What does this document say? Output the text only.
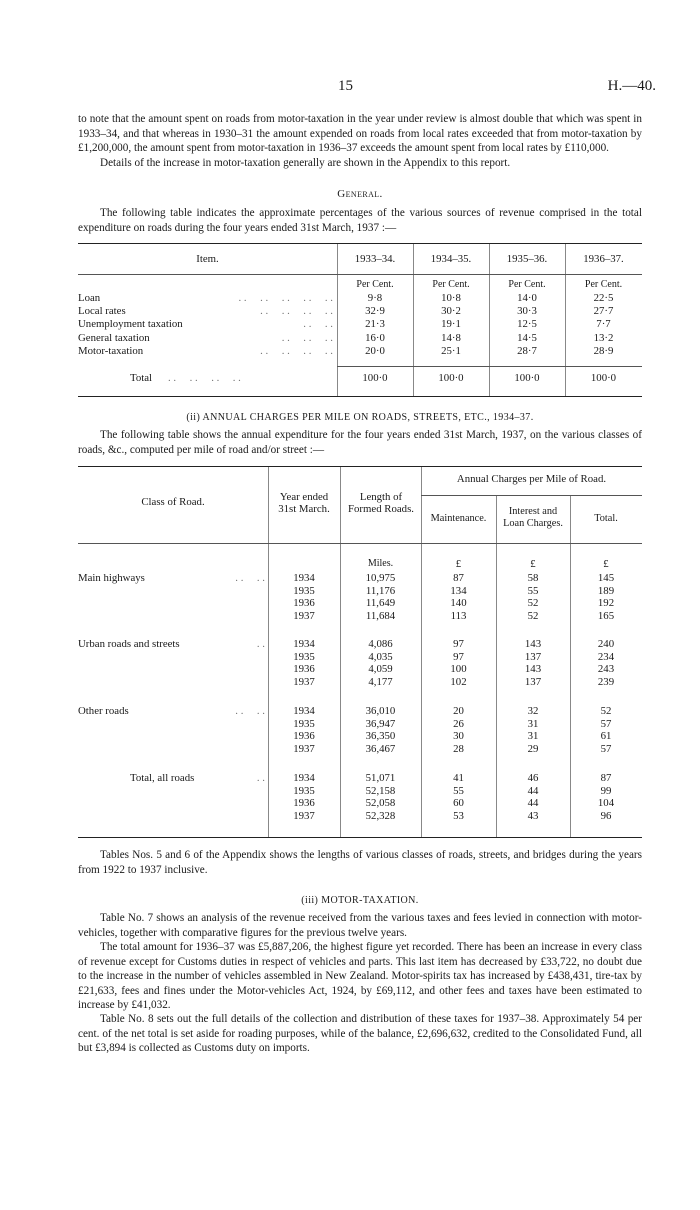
15	H.—40.
to note that the amount spent on roads from motor-taxation in the year under review is almost double that which was spent in 1933–34, and that whereas in 1930–31 the amount expended on roads from local rates exceeded that from motor-taxation by £1,200,000, the amount spent from motor-taxation in 1936–37 exceeds the amount spent from local rates by £110,000.
Details of the increase in motor-taxation generally are shown in the Appendix to this report.
General.
The following table indicates the approximate percentages of the various sources of revenue comprised in the total expenditure on roads during the four years ended 31st March, 1937 :—
Item.	1933–34.	1934–35.	1935–36.	1936–37.
Per Cent.	Per Cent.	Per Cent.	Per Cent.
Loan	. .     . .     . .     . .     . .	9·8	10·8	14·0	22·5
Local rates	. .     . .     . .     . .	32·9	30·2	30·3	27·7
Unemployment taxation	. .     . .	21·3	19·1	12·5	7·7
General taxation	. .     . .     . .	16·0	14·8	14·5	13·2
Motor-taxation	. .     . .     . .     . .	20·0	25·1	28·7	28·9
Total . .     . .     . .     . .	100·0	100·0	100·0	100·0
(ii) ANNUAL CHARGES PER MILE ON ROADS, STREETS, ETC., 1934–37.
The following table shows the annual expenditure for the four years ended 31st March, 1937, on the various classes of roads, &c., computed per mile of road and/or street :—
Class of Road.	Year ended 31st March.
Length of Formed Roads.
Annual Charges per Mile of Road.
Maintenance.
Interest and Loan Charges.	Total.
Miles.	£	£	£
Main highways	. .     . .	1934	10,975	87	58	145
1935	11,176	134	55	189
1936	11,649	140	52	192
1937	11,684	113	52	165
Urban roads and streets	. .	1934	4,086	97	143	240
1935	4,035	97	137	234
1936	4,059	100	143	243
1937	4,177	102	137	239
Other roads	. .     . .	1934	36,010	20	32	52
1935	36,947	26	31	57
1936	36,350	30	31	61
1937	36,467	28	29	57
Total, all roads	. .	1934	51,071	41	46	87
1935	52,158	55	44	99
1936	52,058	60	44	104
1937	52,328	53	43	96
Tables Nos. 5 and 6 of the Appendix shows the lengths of various classes of roads, streets, and bridges during the years from 1922 to 1937 inclusive.
(iii) MOTOR-TAXATION.
Table No. 7 shows an analysis of the revenue received from the various taxes and fees levied in connection with motor-vehicles, together with comparative figures for the previous twelve years.
The total amount for 1936–37 was £5,887,206, the highest figure yet recorded. There has been an increase in every class of revenue except for Customs duties in respect of vehicles and parts. This last item has decreased by £33,722, no doubt due to the increase in the number of vehicles assembled in New Zealand. Motor-spirits tax has increased by £438,431, tire-tax by £21,633, fees and fines under the Motor-vehicles Act, 1924, by £69,112, and other fees and taxes have been estimated to increase by £41,032.
Table No. 8 sets out the full details of the collection and distribution of these taxes for 1937–38. Approximately 54 per cent. of the net total is set aside for roading purposes, while of the balance, £2,696,632, credited to the Consolidated Fund, all but £3,894 is collected as Customs duty on imports.
